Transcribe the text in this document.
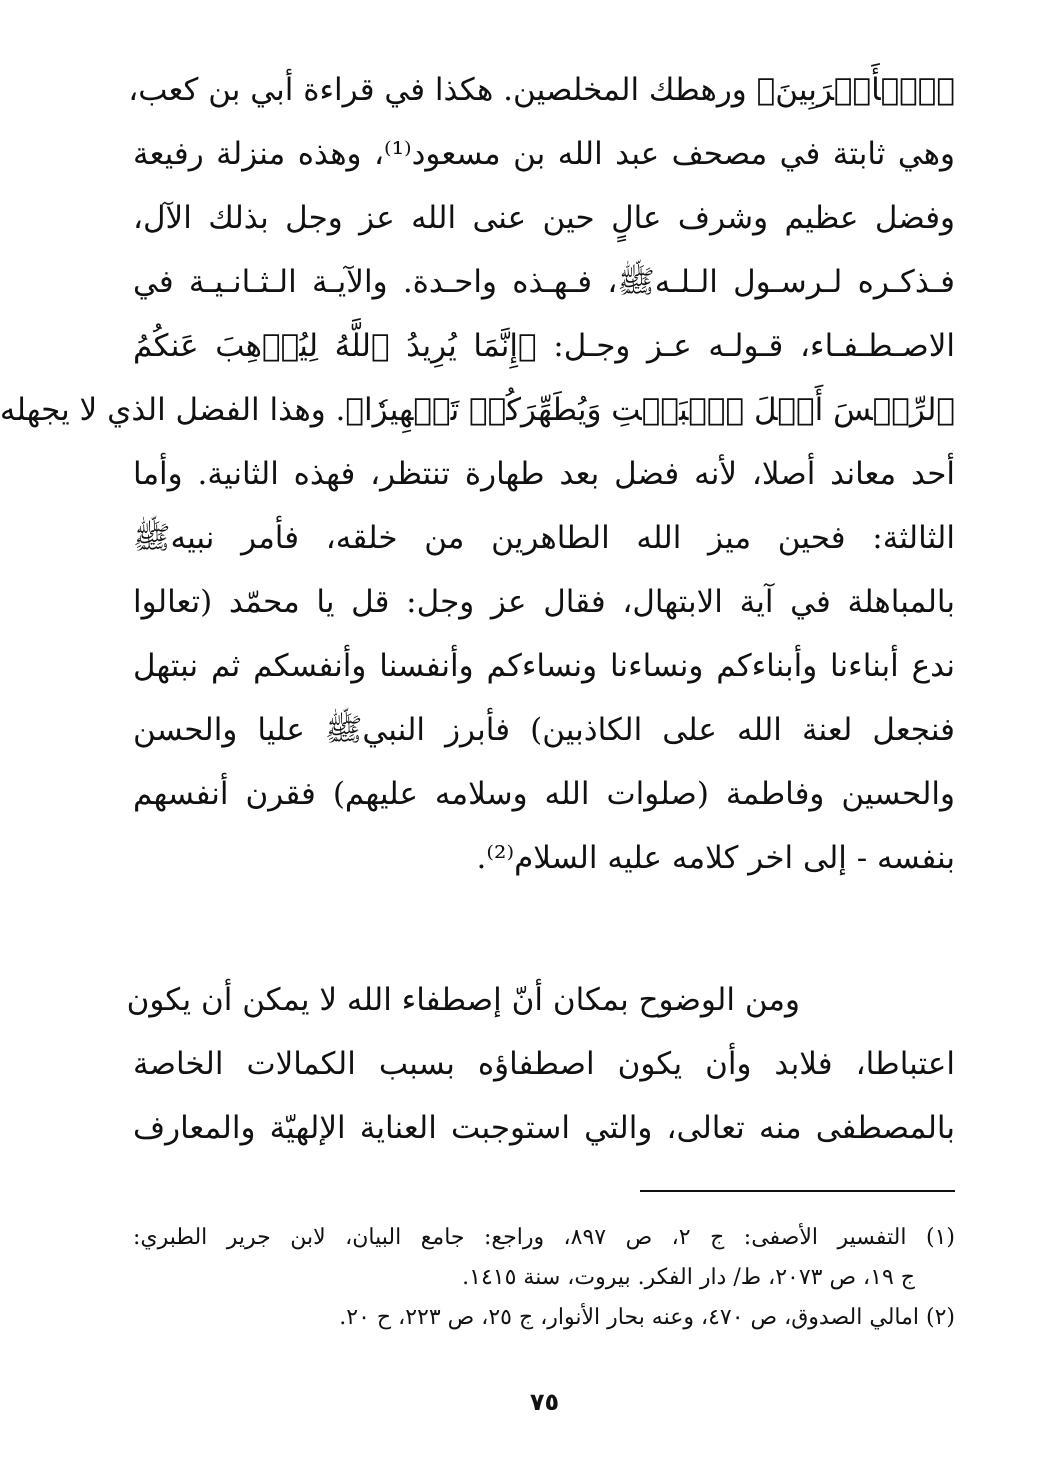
﴿ٱلۡأَقۡرَبِينَ﴾ ورهطك المخلصين. هكذا في قراءة أبي بن كعب،
وهي ثابتة في مصحف عبد الله بن مسعود⁽¹⁾، وهذه منزلة رفيعة
وفضل عظيم وشرف عالٍ حين عنى الله عز وجل بذلك الآل،
فـذكـره لـرسـول الـلـهﷺ، فـهـذه واحـدة. والآيـة الـثـانـيـة في
الاصـطـفـاء، قـولـه عـز وجـل: ﴿إِنَّمَا يُرِيدُ ٱللَّهُ لِيُذۡهِبَ عَنكُمُ
ٱلرِّجۡسَ أَهۡلَ ٱلۡبَيۡتِ وَيُطَهِّرَكُمۡ تَطۡهِيرٗا﴾. وهذا الفضل الذي لا يجهله
أحد معاند أصلا، لأنه فضل بعد طهارة تنتظر، فهذه الثانية. وأما
الثالثة: فحين ميز الله الطاهرين من خلقه، فأمر نبيهﷺ
بالمباهلة في آية الابتهال، فقال عز وجل: قل يا محمّد (تعالوا
ندع أبناءنا وأبناءكم ونساءنا ونساءكم وأنفسنا وأنفسكم ثم نبتهل
فنجعل لعنة الله على الكاذبين) فأبرز النبيﷺ عليا والحسن
والحسين وفاطمة (صلوات الله وسلامه عليهم) فقرن أنفسهم
بنفسه - إلى اخر كلامه عليه السلام⁽²⁾.
ومن الوضوح بمكان أنّ إصطفاء الله لا يمكن أن يكون
اعتباطا، فلابد وأن يكون اصطفاؤه بسبب الكمالات الخاصة
بالمصطفى منه تعالى، والتي استوجبت العناية الإلهيّة والمعارف
(١) التفسير الأصفى: ج ٢، ص ٨٩٧، وراجع: جامع البيان، لابن جرير الطبري:
ج ١٩، ص ٢٠٧٣، ط/ دار الفكر. بيروت، سنة ١٤١٥.
(٢) امالي الصدوق، ص ٤٧٠، وعنه بحار الأنوار، ج ٢٥، ص ٢٢٣، ح ٢٠.
٧٥
